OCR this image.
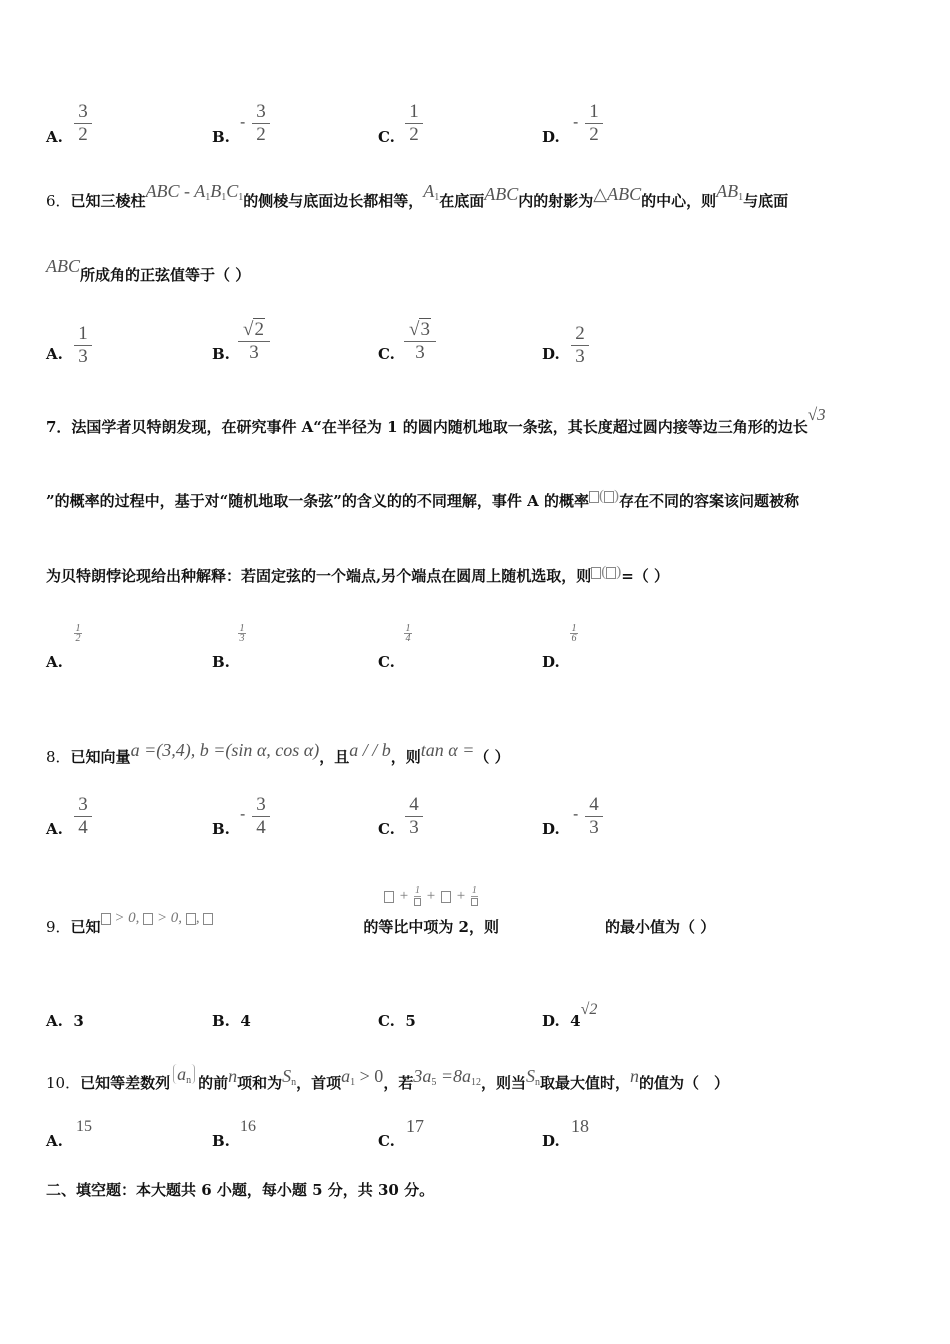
A.
3
2	B.
-
3
2	C.
1
2	D.
-
1
2
6．已知三棱柱ABC - $A_1B_1C_1$的侧棱与底面边长都相等，$A_1$在底面ABC内的射影为△ABC的中心，则$AB_1$与底面
ABC所成角的正弦值等于（ ）
A.
1
3	B.
√2
3	C.
√3
3	D.
2
3
7．法国学者贝特朗发现，在研究事件 A“在半径为 1 的圆内随机地取一条弦，其长度超过圆内接等边三角形的边长√3
”的概率的过程中，基于对“随机地取一条弦”的含义的的不同理解，事件 A 的概率 ( )存在不同的容案该问题被称
为贝特朗悖论现给出种解释：若固定弦的一个端点,另个端点在圆周上随机选取，则 ( )=（ ）
A.
1
2
B.
1
3
C.
1
4
D.
1
6
8．已知向量a =(3,4), b =(sin α, cos α)，且a / / b，则tan α =（ ）
A.
3
4	B.
- 3
4	C.
4
3	D.
- 4
3
9．已知 > 0,  > 0, ,	的等比中项为 2，则	的最小值为（ ）
+ 1 + + 1
A. 3	B. 4	C. 5	D. 4√2
10．已知等差数列 $a_n$ 的前n项和为$S_n$，首项$a_1 > 0$，若$3a_5 =8a_{12}$，则当$S_n$取最大值时，n的值为（　）
A.
15
B.
16
C.
17
D.
18
二、填空题：本大题共 6 小题，每小题 5 分，共 30 分。
